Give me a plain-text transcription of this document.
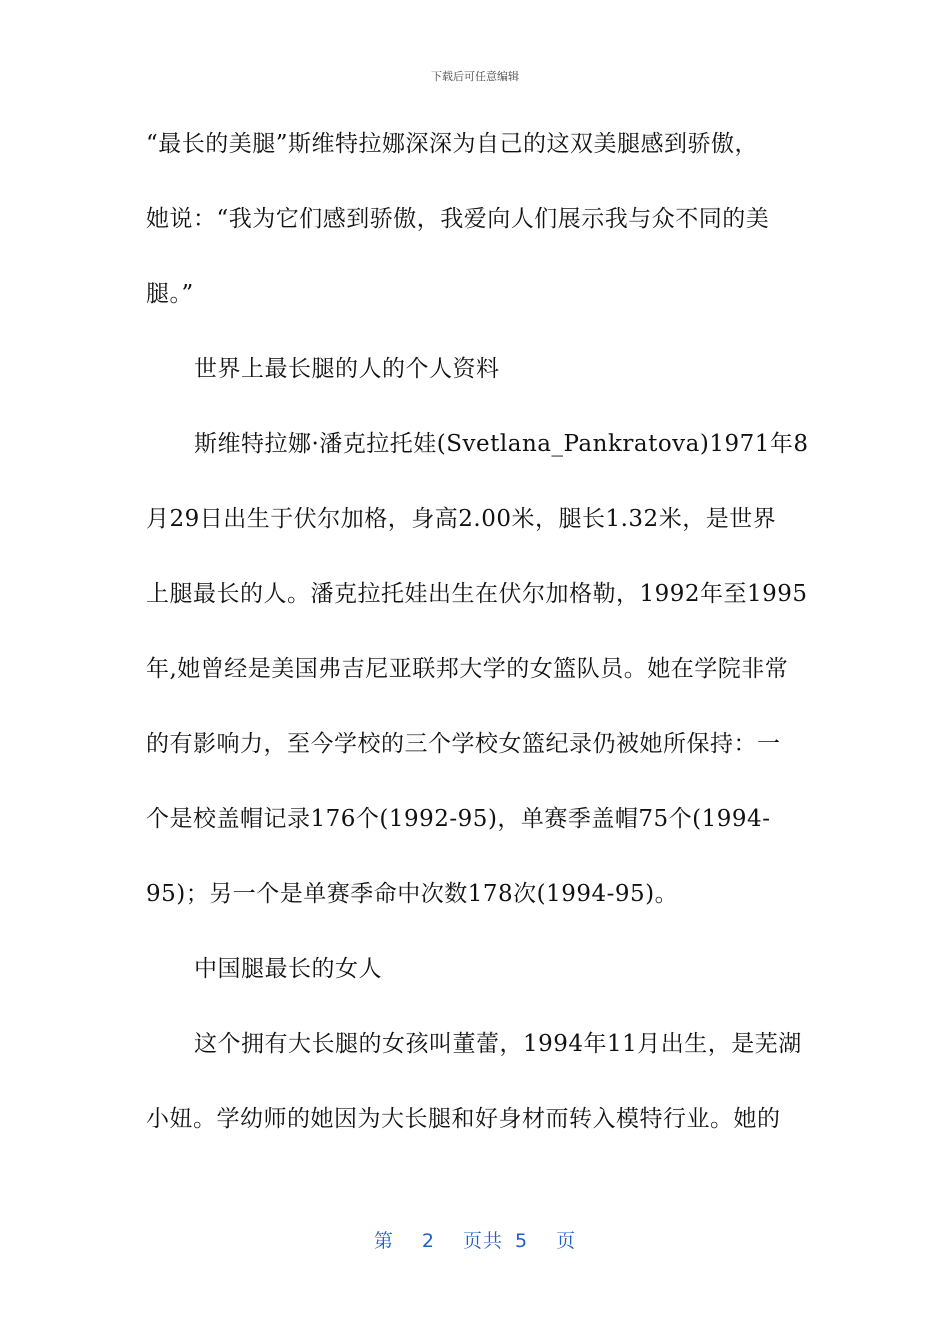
下载后可任意编辑
“最长的美腿”斯维特拉娜深深为自己的这双美腿感到骄傲，
她说：“我为它们感到骄傲，我爱向人们展示我与众不同的美
腿。”
世界上最长腿的人的个人资料
斯维特拉娜·潘克拉托娃(Svetlana_Pankratova)1971年8
月29日出生于伏尔加格，身高2.00米，腿长1.32米，是世界
上腿最长的人。潘克拉托娃出生在伏尔加格勒，1992年至1995
年,她曾经是美国弗吉尼亚联邦大学的女篮队员。她在学院非常
的有影响力，至今学校的三个学校女篮纪录仍被她所保持：一
个是校盖帽记录176个(1992-95)，单赛季盖帽75个(1994-
95)；另一个是单赛季命中次数178次(1994-95)。
中国腿最长的女人
这个拥有大长腿的女孩叫董蕾，1994年11月出生，是芜湖
小妞。学幼师的她因为大长腿和好身材而转入模特行业。她的
第 2 页共 5 页
